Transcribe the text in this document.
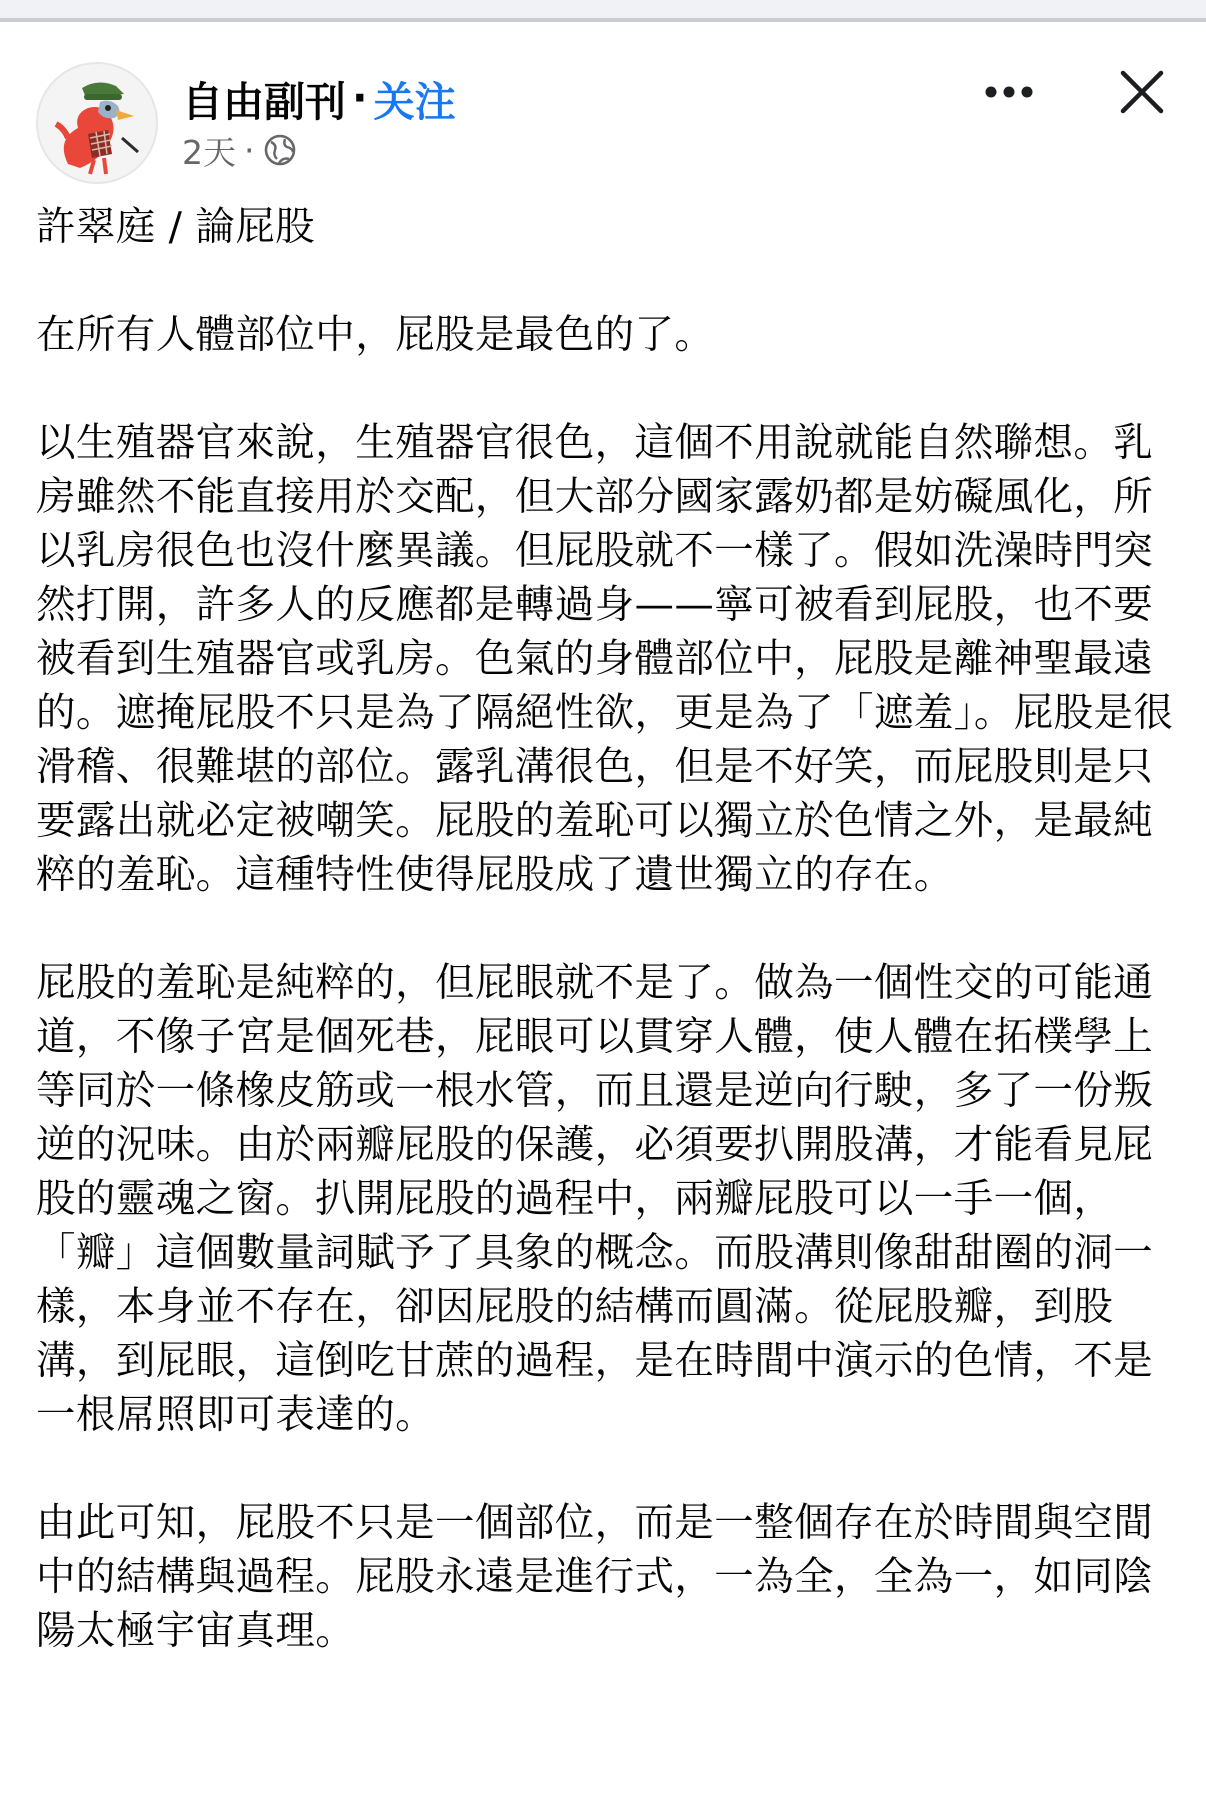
自由副刊 · 关注
2天 ·

許翠庭 / 論屁股

在所有人體部位中，屁股是最色的了。

以生殖器官來說，生殖器官很色，這個不用說就能自然聯想。乳房雖然不能直接用於交配，但大部分國家露奶都是妨礙風化，所以乳房很色也沒什麼異議。但屁股就不一樣了。假如洗澡時門突然打開，許多人的反應都是轉過身——寧可被看到屁股，也不要被看到生殖器官或乳房。色氣的身體部位中，屁股是離神聖最遠的。遮掩屁股不只是為了隔絕性欲，更是為了「遮羞」。屁股是很滑稽、很難堪的部位。露乳溝很色，但是不好笑，而屁股則是只要露出就必定被嘲笑。屁股的羞恥可以獨立於色情之外，是最純粹的羞恥。這種特性使得屁股成了遺世獨立的存在。

屁股的羞恥是純粹的，但屁眼就不是了。做為一個性交的可能通道，不像子宮是個死巷，屁眼可以貫穿人體，使人體在拓樸學上等同於一條橡皮筋或一根水管，而且還是逆向行駛，多了一份叛逆的況味。由於兩瓣屁股的保護，必須要扒開股溝，才能看見屁股的靈魂之窗。扒開屁股的過程中，兩瓣屁股可以一手一個，「瓣」這個數量詞賦予了具象的概念。而股溝則像甜甜圈的洞一樣，本身並不存在，卻因屁股的結構而圓滿。從屁股瓣，到股溝，到屁眼，這倒吃甘蔗的過程，是在時間中演示的色情，不是一根屌照即可表達的。

由此可知，屁股不只是一個部位，而是一整個存在於時間與空間中的結構與過程。屁股永遠是進行式，一為全，全為一，如同陰陽太極宇宙真理。
